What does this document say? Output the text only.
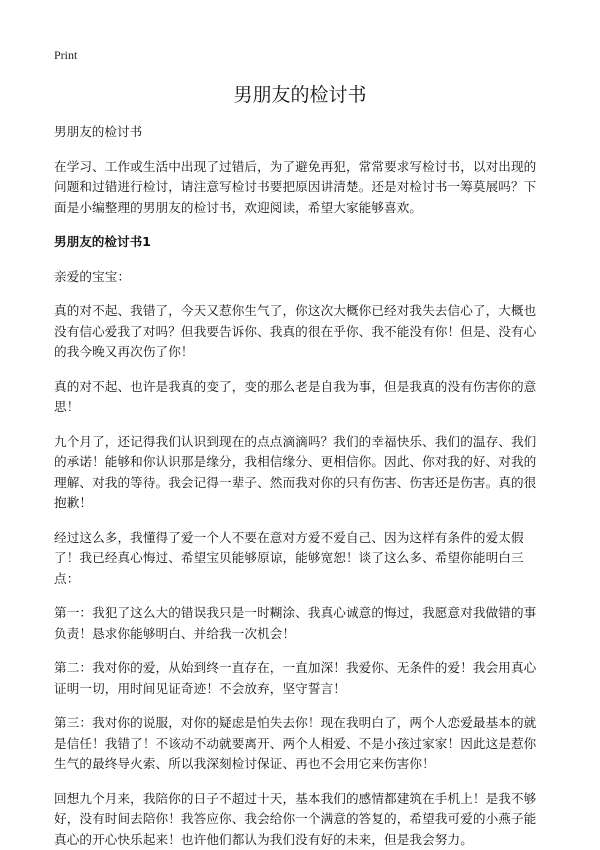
Print
男朋友的检讨书
男朋友的检讨书

在学习、工作或生活中出现了过错后，为了避免再犯，常常要求写检讨书，以对出现的问题和过错进行检讨，请注意写检讨书要把原因讲清楚。还是对检讨书一筹莫展吗？下面是小编整理的男朋友的检讨书，欢迎阅读，希望大家能够喜欢。

男朋友的检讨书1

亲爱的宝宝：

真的对不起、我错了，今天又惹你生气了，你这次大概你已经对我失去信心了，大概也没有信心爱我了对吗？但我要告诉你、我真的很在乎你、我不能没有你！但是、没有心的我今晚又再次伤了你！

真的对不起、也许是我真的变了，变的那么老是自我为事，但是我真的没有伤害你的意思！

九个月了，还记得我们认识到现在的点点滴滴吗？我们的幸福快乐、我们的温存、我们的承诺！能够和你认识那是缘分，我相信缘分、更相信你。因此、你对我的好、对我的理解、对我的等待。我会记得一辈子、然而我对你的只有伤害、伤害还是伤害。真的很抱歉！

经过这么多，我懂得了爱一个人不要在意对方爱不爱自己、因为这样有条件的爱太假了！我已经真心悔过、希望宝贝能够原谅，能够宽恕！谈了这么多、希望你能明白三点：

第一：我犯了这么大的错误我只是一时糊涂、我真心诚意的悔过，我愿意对我做错的事负责！恳求你能够明白、并给我一次机会！

第二：我对你的爱，从始到终一直存在，一直加深！我爱你、无条件的爱！我会用真心证明一切，用时间见证奇迹！不会放弃，坚守誓言！

第三：我对你的说服，对你的疑虑是怕失去你！现在我明白了，两个人恋爱最基本的就是信任！我错了！不该动不动就要离开、两个人相爱、不是小孩过家家！因此这是惹你生气的最终导火索、所以我深刻检讨保证、再也不会用它来伤害你！

回想九个月来，我陪你的日子不超过十天，基本我们的感情都建筑在手机上！是我不够好，没有时间去陪你！我答应你、我会给你一个满意的答复的，希望我可爱的小燕子能真心的开心快乐起来！也许他们都认为我们没有好的未来，但是我会努力。
